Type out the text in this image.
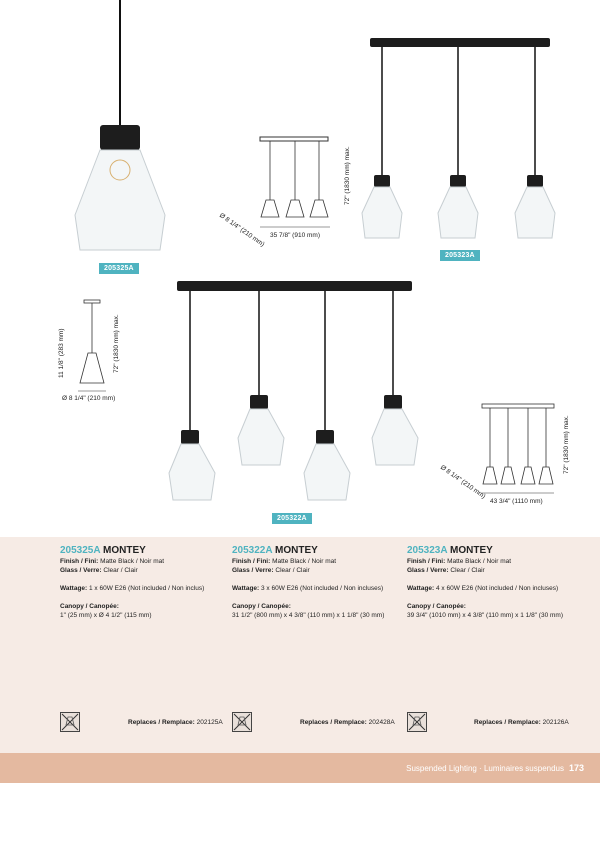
205325A
35 7/8" (910 mm)
Ø 8 1/4" (210 mm)
72" (1830 mm) max.
205323A
72" (1830 mm) max.
11 1/8" (283 mm)
Ø 8 1/4" (210 mm)
205322A
43 3/4" (1110 mm)
Ø 8 1/4" (210 mm)
72" (1830 mm) max.
205325A MONTEY
Finish / Fini: Matte Black / Noir mat
Glass / Verre: Clear / Clair
Wattage: 1 x 60W E26 (Not included / Non inclus)
Canopy / Canopée:
1" (25 mm) x Ø 4 1/2" (115 mm)
205322A MONTEY
Finish / Fini: Matte Black / Noir mat
Glass / Verre: Clear / Clair
Wattage: 3 x 60W E26 (Not included / Non incluses)
Canopy / Canopée:
31 1/2" (800 mm) x 4 3/8" (110 mm) x 1 1/8" (30 mm)
205323A MONTEY
Finish / Fini: Matte Black / Noir mat
Glass / Verre: Clear / Clair
Wattage: 4 x 60W E26 (Not included / Non incluses)
Canopy / Canopée:
39 3/4" (1010 mm) x 4 3/8" (110 mm) x 1 1/8" (30 mm)
Replaces / Remplace: 202125A	Replaces / Remplace: 202428A	Replaces / Remplace: 202126A
Suspended Lighting · Luminaires suspendus 173
